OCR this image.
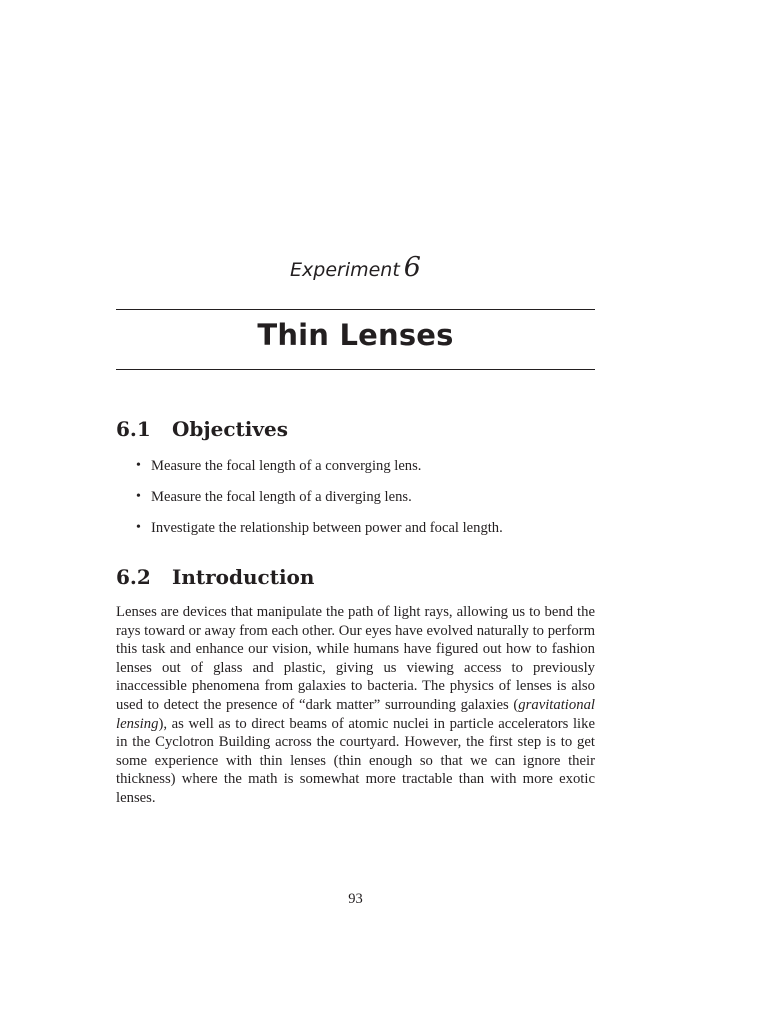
Experiment 6
Thin Lenses
6.1 Objectives
• Measure the focal length of a converging lens.
• Measure the focal length of a diverging lens.
• Investigate the relationship between power and focal length.
6.2 Introduction

Lenses are devices that manipulate the path of light rays, allowing us to bend the rays toward or away from each other. Our eyes have evolved naturally to perform this task and enhance our vision, while humans have figured out how to fashion lenses out of glass and plastic, giving us viewing access to previously inaccessible phenomena from galaxies to bacteria. The physics of lenses is also used to detect the presence of “dark matter” surrounding galaxies (gravitational lensing), as well as to direct beams of atomic nuclei in particle accelerators like in the Cyclotron Building across the courtyard. However, the first step is to get some experience with thin lenses (thin enough so that we can ignore their thickness) where the math is somewhat more tractable than with more exotic lenses.

93
